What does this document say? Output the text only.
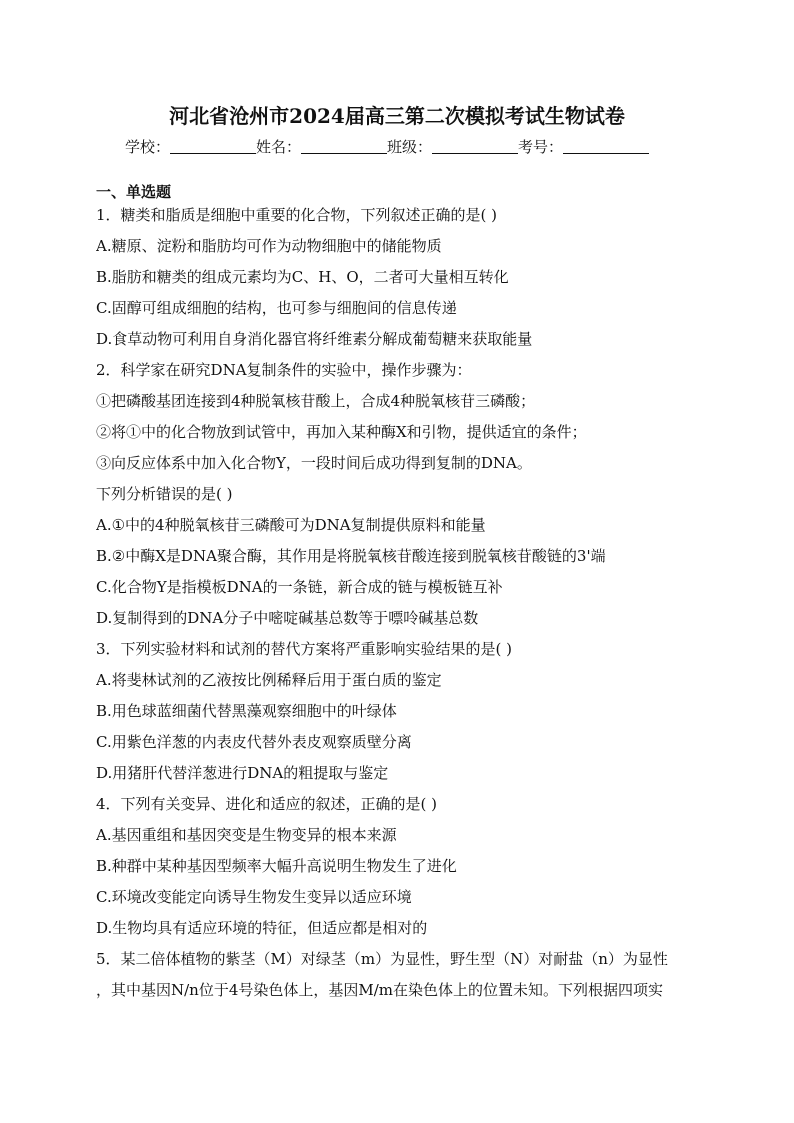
河北省沧州市2024届高三第二次模拟考试生物试卷
学校：	姓名：	班级：	考号：
一、单选题
1．糖类和脂质是细胞中重要的化合物，下列叙述正确的是( )
A.糖原、淀粉和脂肪均可作为动物细胞中的储能物质
B.脂肪和糖类的组成元素均为C、H、O，二者可大量相互转化
C.固醇可组成细胞的结构，也可参与细胞间的信息传递
D.食草动物可利用自身消化器官将纤维素分解成葡萄糖来获取能量
2．科学家在研究DNA复制条件的实验中，操作步骤为：
①把磷酸基团连接到4种脱氧核苷酸上，合成4种脱氧核苷三磷酸；
②将①中的化合物放到试管中，再加入某种酶X和引物，提供适宜的条件；
③向反应体系中加入化合物Y，一段时间后成功得到复制的DNA。
下列分析错误的是( )
A.①中的4种脱氧核苷三磷酸可为DNA复制提供原料和能量
B.②中酶X是DNA聚合酶，其作用是将脱氧核苷酸连接到脱氧核苷酸链的3'端
C.化合物Y是指模板DNA的一条链，新合成的链与模板链互补
D.复制得到的DNA分子中嘧啶碱基总数等于嘌呤碱基总数
3．下列实验材料和试剂的替代方案将严重影响实验结果的是( )
A.将斐林试剂的乙液按比例稀释后用于蛋白质的鉴定
B.用色球蓝细菌代替黑藻观察细胞中的叶绿体
C.用紫色洋葱的内表皮代替外表皮观察质壁分离
D.用猪肝代替洋葱进行DNA的粗提取与鉴定
4．下列有关变异、进化和适应的叙述，正确的是( )
A.基因重组和基因突变是生物变异的根本来源
B.种群中某种基因型频率大幅升高说明生物发生了进化
C.环境改变能定向诱导生物发生变异以适应环境
D.生物均具有适应环境的特征，但适应都是相对的
5．某二倍体植物的紫茎（M）对绿茎（m）为显性，野生型（N）对耐盐（n）为显性
，其中基因N/n位于4号染色体上，基因M/m在染色体上的位置未知。下列根据四项实
